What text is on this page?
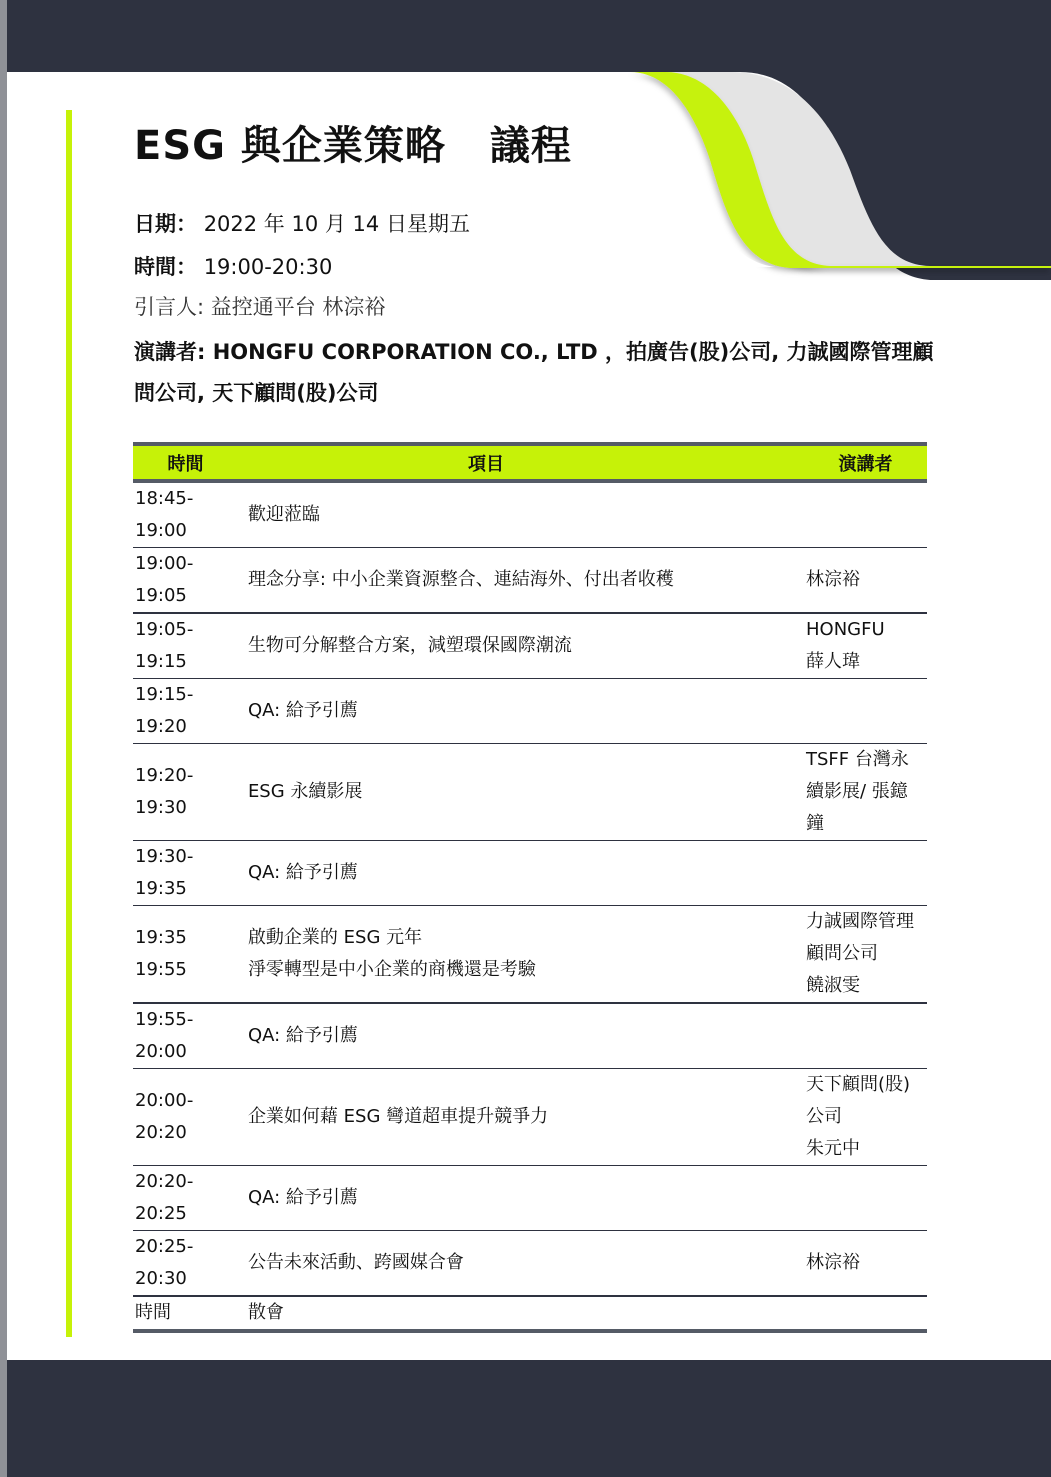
ESG 與企業策略 議程
日期： 2022 年 10 月 14 日星期五
時間： 19:00-20:30
引言人: 益控通平台 林淙裕
演講者: HONGFU CORPORATION CO., LTD ，拍廣告(股)公司, 力誠國際管理顧問公司, 天下顧問(股)公司
時間	項目	演講者
18:45-
19:00	歡迎蒞臨	
19:00-
19:05	理念分享: 中小企業資源整合、連結海外、付出者收穫	林淙裕
19:05-
19:15	生物可分解整合方案，減塑環保國際潮流	HONGFU
薛人瑋
19:15-
19:20	QA: 給予引薦	
19:20-
19:30	ESG 永續影展	TSFF 台灣永
續影展/ 張鐿
鐘
19:30-
19:35	QA: 給予引薦	
19:35
19:55	啟動企業的 ESG 元年
淨零轉型是中小企業的商機還是考驗	力誠國際管理
顧問公司
饒淑雯
19:55-
20:00	QA: 給予引薦	
20:00-
20:20	企業如何藉 ESG 彎道超車提升競爭力	天下顧問(股)
公司
朱元中
20:20-
20:25	QA: 給予引薦	
20:25-
20:30	公告未來活動、跨國媒合會	林淙裕
時間	散會	
